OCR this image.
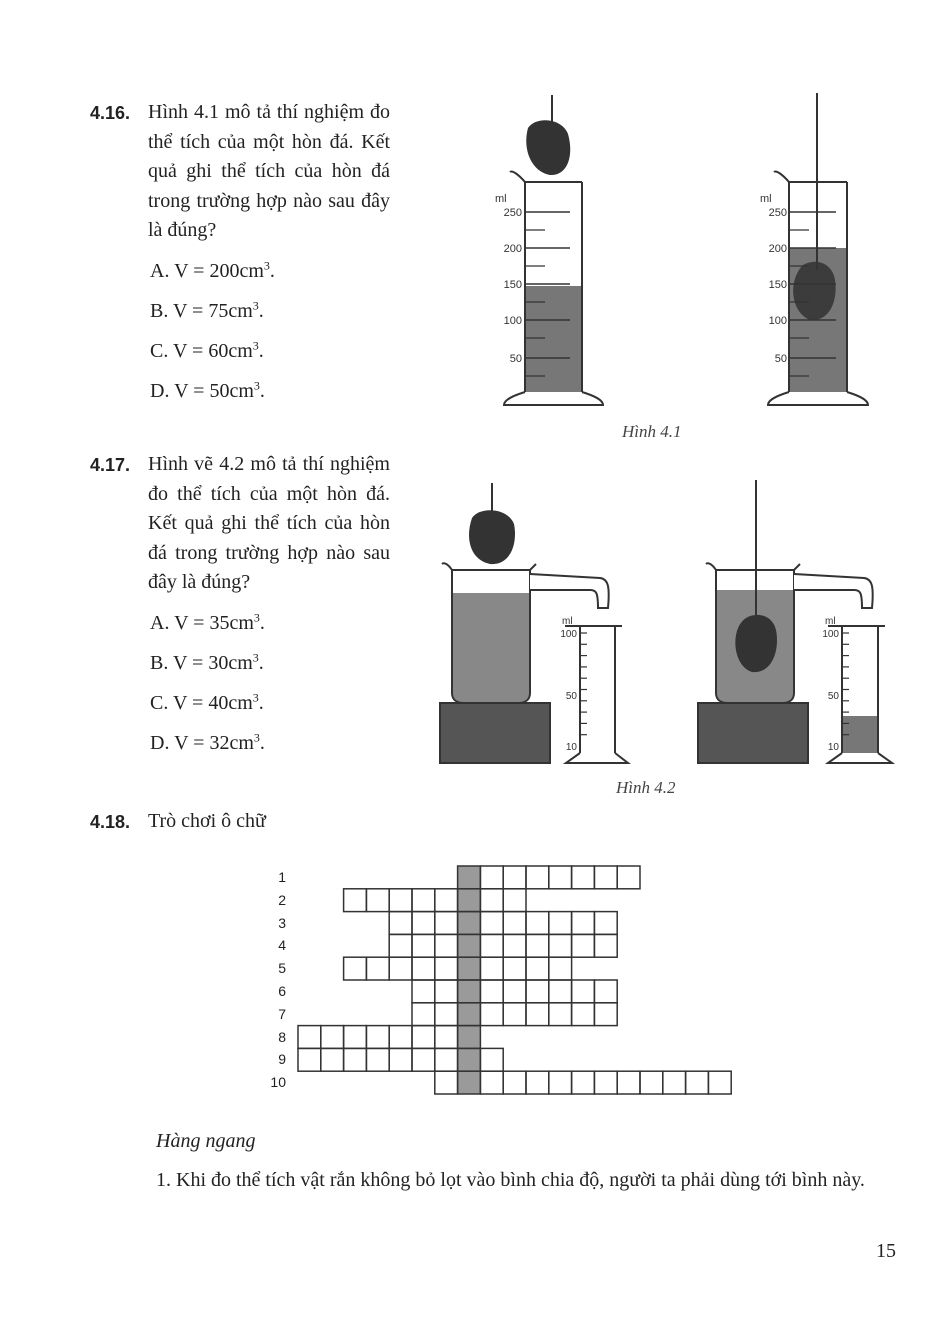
4.16. Hình 4.1 mô tả thí nghiệm đo thể tích của một hòn đá. Kết quả ghi thể tích của hòn đá trong trường hợp nào sau đây là đúng?
A. $V = 200cm^3$.
B. $V = 75cm^3$.
C. $V = 60cm^3$.
D. $V = 50cm^3$.
4.17. Hình vẽ 4.2 mô tả thí nghiệm đo thể tích của một hòn đá. Kết quả ghi thể tích của hòn đá trong trường hợp nào sau đây là đúng?
A. $V = 35cm^3$.
B. $V = 30cm^3$.
C. $V = 40cm^3$.
D. $V = 32cm^3$.
4.18. Trò chơi ô chữ
250
200
150
100
50
ml
250
200
150
100
50
ml
Hình 4.1
100
50
10
ml
100
50
10
ml
Hình 4.2
1
2
3
4
5
6
7
8
9
10
Hàng ngang
1. Khi đo thể tích vật rắn không bỏ lọt vào bình chia độ, người ta phải dùng tới bình này.
15
